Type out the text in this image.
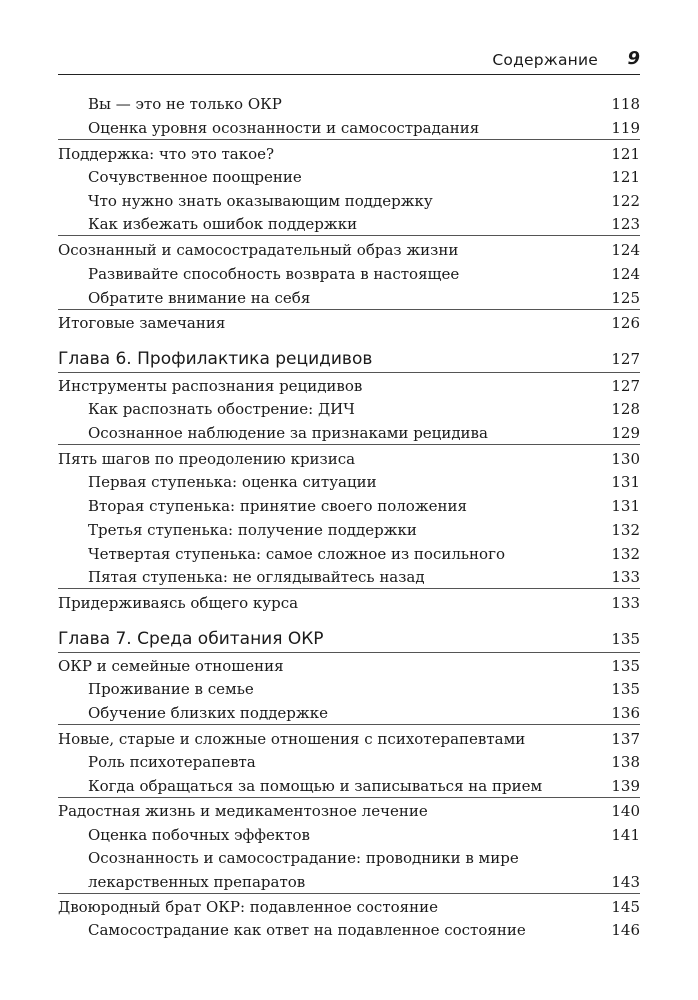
Содержание 9
Вы — это не только ОКР	118
Оценка уровня осознанности и самосострадания	119
Поддержка: что это такое?	121
Сочувственное поощрение	121
Что нужно знать оказывающим поддержку	122
Как избежать ошибок поддержки	123
Осознанный и самосострадательный образ жизни	124
Развивайте способность возврата в настоящее	124
Обратите внимание на себя	125
Итоговые замечания	126
Глава 6. Профилактика рецидивов	127
Инструменты распознания рецидивов	127
Как распознать обострение: ДИЧ	128
Осознанное наблюдение за признаками рецидива	129
Пять шагов по преодолению кризиса	130
Первая ступенька: оценка ситуации	131
Вторая ступенька: принятие своего положения	131
Третья ступенька: получение поддержки	132
Четвертая ступенька: самое сложное из посильного	132
Пятая ступенька: не оглядывайтесь назад	133
Придерживаясь общего курса	133
Глава 7. Среда обитания ОКР	135
ОКР и семейные отношения	135
Проживание в семье	135
Обучение близких поддержке	136
Новые, старые и сложные отношения с психотерапевтами	137
Роль психотерапевта	138
Когда обращаться за помощью и записываться на прием	139
Радостная жизнь и медикаментозное лечение	140
Оценка побочных эффектов	141
Осознанность и самосострадание: проводники в мире
лекарственных препаратов	143
Двоюродный брат ОКР: подавленное состояние	145
Самосострадание как ответ на подавленное состояние	146
